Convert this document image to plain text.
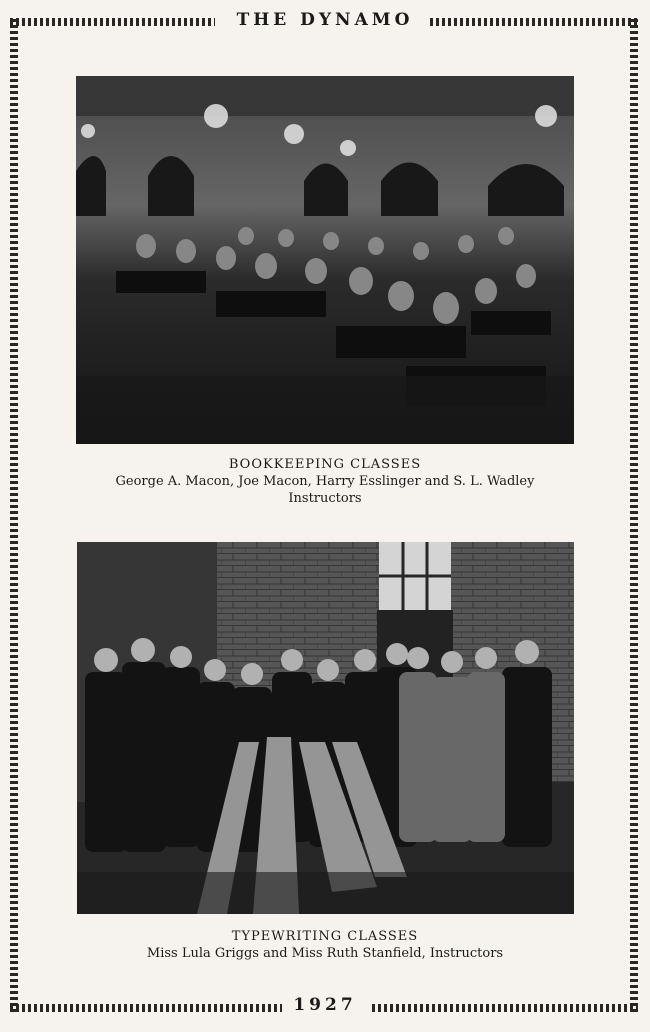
THE DYNAMO
BOOKKEEPING CLASSES
George A. Macon, Joe Macon, Harry Esslinger and S. L. Wadley
Instructors
TYPEWRITING CLASSES
Miss Lula Griggs and Miss Ruth Stanfield, Instructors
1927
